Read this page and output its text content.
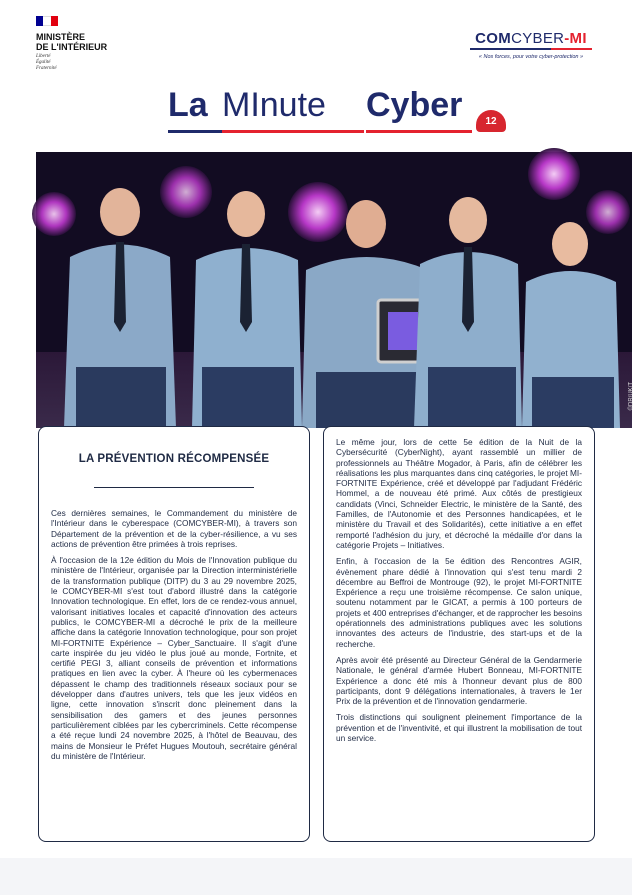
MINISTÈRE
DE L'INTÉRIEUR
Liberté
Égalité
Fraternité
COMCYBER-MI
« Nos forces, pour votre cyber-protection »
La MInute Cyber	12
©DR/UK/T
LA PRÉVENTION RÉCOMPENSÉE

Ces dernières semaines, le Commandement du ministère de l'Intérieur dans le cyberespace (COMCYBER-MI), à travers son Département de la prévention et de la cyber-résilience, a vu ses actions de prévention être primées à trois reprises.

À l'occasion de la 12e édition du Mois de l'Innovation publique du ministère de l'Intérieur, organisée par la Direction interministérielle de la transformation publique (DITP) du 3 au 29 novembre 2025, le COMCYBER-MI s'est tout d'abord illustré dans la catégorie Innovation technologique. En effet, lors de ce rendez-vous annuel, valorisant initiatives locales et capacité d'innovation des acteurs publics, le COMCYBER-MI a décroché le prix de la meilleure affiche dans la catégorie Innovation technologique, pour son projet MI-FORTNITE Expérience – Cyber_Sanctuaire. Il s'agit d'une carte inspirée du jeu vidéo le plus joué au monde, Fortnite, et certifié PEGI 3, alliant conseils de prévention et informations pratiques en lien avec la cyber. À l'heure où les cybermenaces dépassent le champ des traditionnels réseaux sociaux pour se développer dans d'autres univers, tels que les jeux vidéos en ligne, cette innovation s'inscrit donc pleinement dans la sensibilisation des gamers et des jeunes personnes particulièrement ciblées par les cybercriminels. Cette récompense a été reçue lundi 24 novembre 2025, à l'hôtel de Beauvau, des mains de Monsieur le Préfet Hugues Moutouh, secrétaire général du ministère de l'Intérieur.

Le même jour, lors de cette 5e édition de la Nuit de la Cybersécurité (CyberNight), ayant rassemblé un millier de professionnels au Théâtre Mogador, à Paris, afin de célébrer les réalisations les plus marquantes dans cinq catégories, le projet MI-FORTNITE Expérience, créé et développé par l'adjudant Frédéric Hommel, a de nouveau été primé. Aux côtés de prestigieux candidats (Vinci, Schneider Electric, le ministère de la Santé, des Familles, de l'Autonomie et des Personnes handicapées, et le ministère du Travail et des Solidarités), cette initiative a en effet remporté l'adhésion du jury, et décroché la médaille d'or dans la catégorie Projets – Initiatives.

Enfin, à l'occasion de la 5e édition des Rencontres AGIR, évènement phare dédié à l'innovation qui s'est tenu mardi 2 décembre au Beffroi de Montrouge (92), le projet MI-FORTNITE Expérience a reçu une troisième récompense. Ce salon unique, soutenu notamment par le GICAT, a permis à 100 porteurs de projets et 400 entreprises d'échanger, et de rapprocher les besoins opérationnels des administrations publiques avec les solutions innovantes des acteurs de l'industrie, des start-ups et de la recherche.

Après avoir été présenté au Directeur Général de la Gendarmerie Nationale, le général d'armée Hubert Bonneau, MI-FORTNITE Expérience a donc été mis à l'honneur devant plus de 800 participants, dont 9 délégations internationales, à travers le 1er Prix de la prévention et de l'innovation gendarmerie.

Trois distinctions qui soulignent pleinement l'importance de la prévention et de l'inventivité, et qui illustrent la mobilisation de tout un service.
